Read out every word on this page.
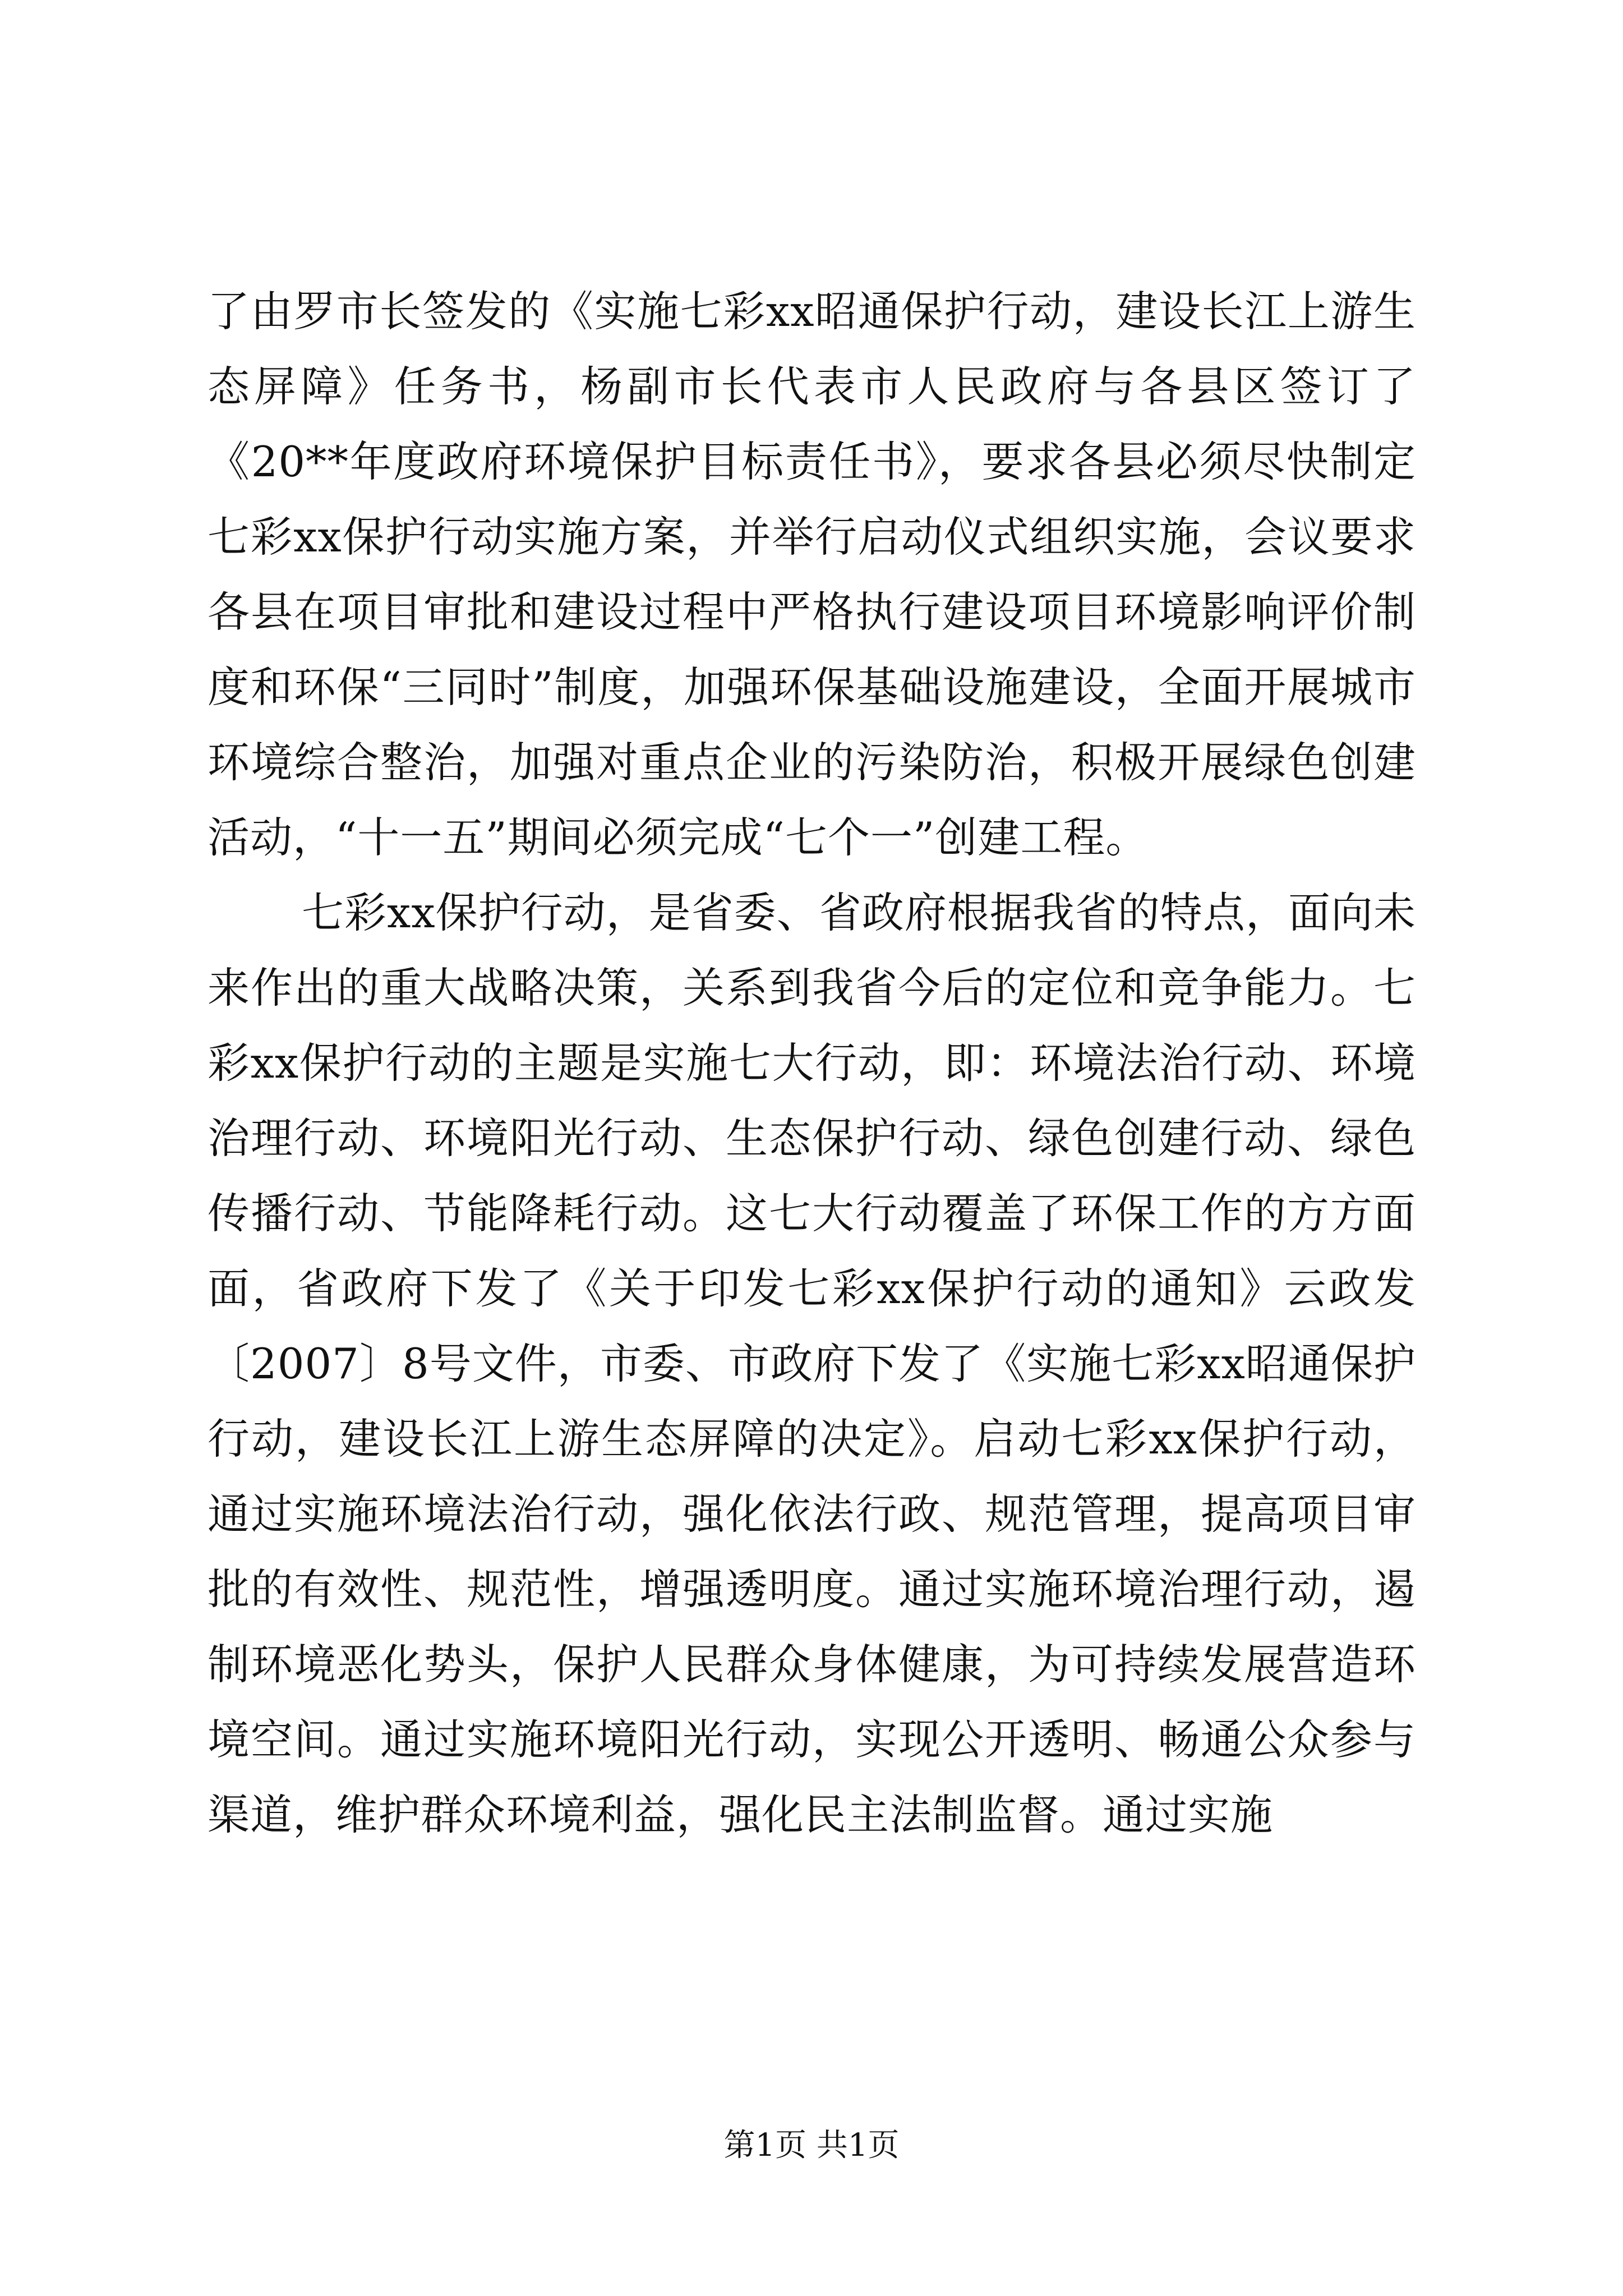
了由罗市长签发的《实施七彩xx昭通保护行动，建设长江上游生态屏障》任务书，杨副市长代表市人民政府与各县区签订了《20**年度政府环境保护目标责任书》，要求各县必须尽快制定七彩xx保护行动实施方案，并举行启动仪式组织实施，会议要求各县在项目审批和建设过程中严格执行建设项目环境影响评价制度和环保“三同时”制度，加强环保基础设施建设，全面开展城市环境综合整治，加强对重点企业的污染防治，积极开展绿色创建活动，“十一五”期间必须完成“七个一”创建工程。

七彩xx保护行动，是省委、省政府根据我省的特点，面向未来作出的重大战略决策，关系到我省今后的定位和竞争能力。七彩xx保护行动的主题是实施七大行动，即：环境法治行动、环境治理行动、环境阳光行动、生态保护行动、绿色创建行动、绿色传播行动、节能降耗行动。这七大行动覆盖了环保工作的方方面面，省政府下发了《关于印发七彩xx保护行动的通知》云政发〔2007〕8号文件，市委、市政府下发了《实施七彩xx昭通保护行动，建设长江上游生态屏障的决定》。启动七彩xx保护行动，通过实施环境法治行动，强化依法行政、规范管理，提高项目审批的有效性、规范性，增强透明度。通过实施环境治理行动，遏制环境恶化势头，保护人民群众身体健康，为可持续发展营造环境空间。通过实施环境阳光行动，实现公开透明、畅通公众参与渠道，维护群众环境利益，强化民主法制监督。通过实施

第1页 共1页
